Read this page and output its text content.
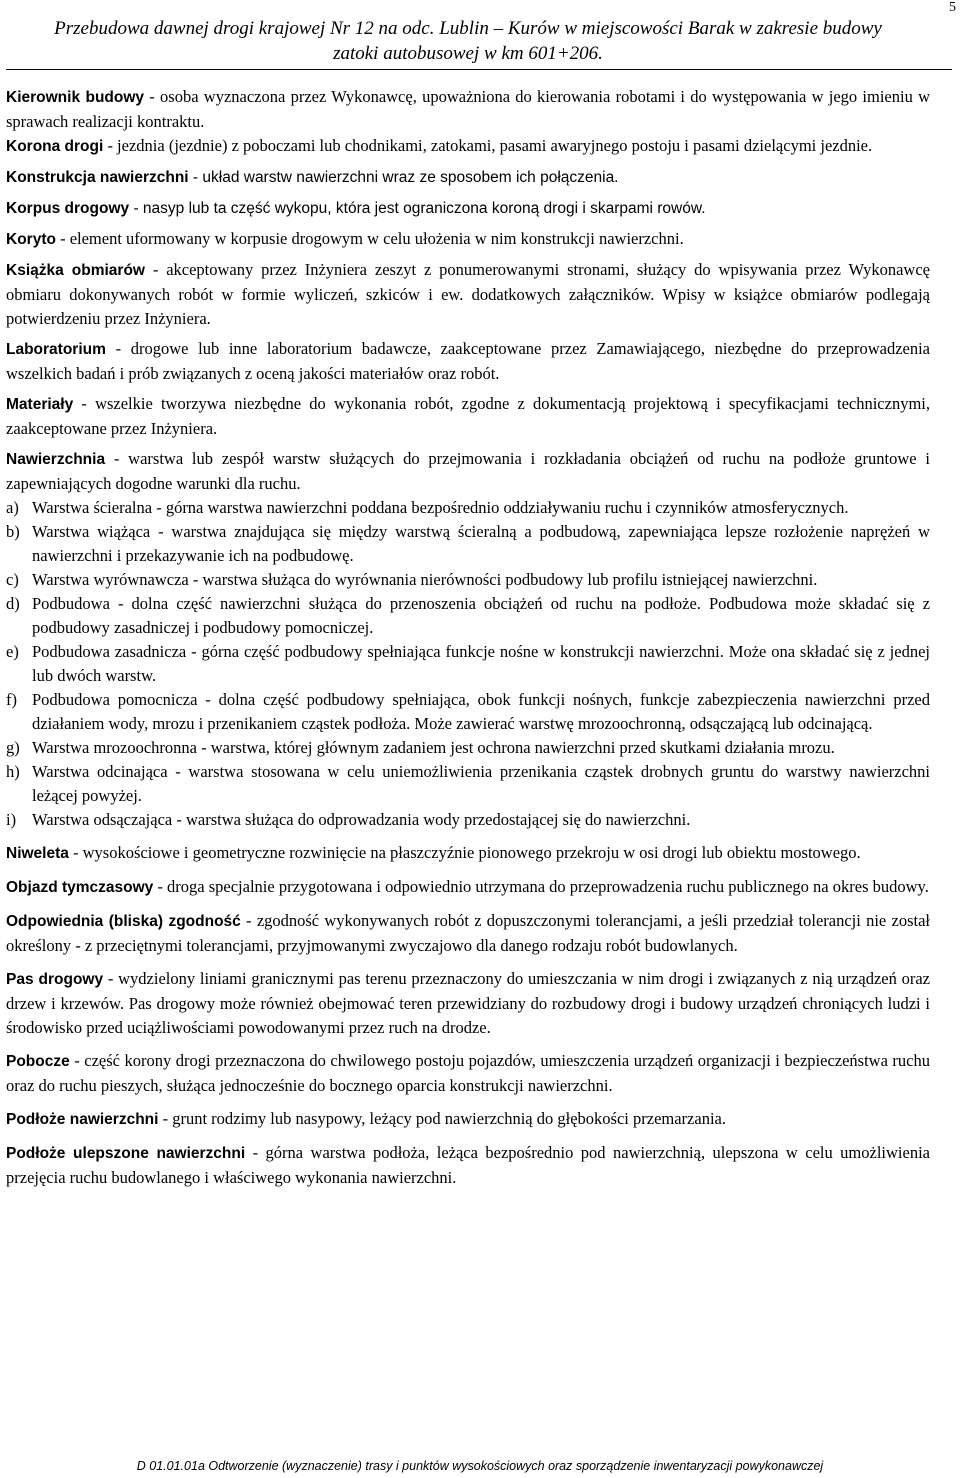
5
Przebudowa dawnej drogi krajowej Nr 12 na odc. Lublin – Kurów w miejscowości Barak w zakresie budowy
zatoki autobusowej w km 601+206.

Kierownik budowy - osoba wyznaczona przez Wykonawcę, upoważniona do kierowania robotami i do występowania w jego imieniu w sprawach realizacji kontraktu.

Korona drogi - jezdnia (jezdnie) z poboczami lub chodnikami, zatokami, pasami awaryjnego postoju i pasami dzielącymi jezdnie.

Konstrukcja nawierzchni - układ warstw nawierzchni wraz ze sposobem ich połączenia.

Korpus drogowy - nasyp lub ta część wykopu, która jest ograniczona koroną drogi i skarpami rowów.

Koryto - element uformowany w korpusie drogowym w celu ułożenia w nim konstrukcji nawierzchni.

Książka obmiarów - akceptowany przez Inżyniera zeszyt z ponumerowanymi stronami, służący do wpisywania przez Wykonawcę obmiaru dokonywanych robót w formie wyliczeń, szkiców i ew. dodatkowych załączników. Wpisy w książce obmiarów podlegają potwierdzeniu przez Inżyniera.

Laboratorium - drogowe lub inne laboratorium badawcze, zaakceptowane przez Zamawiającego, niezbędne do przeprowadzenia wszelkich badań i prób związanych z oceną jakości materiałów oraz robót.

Materiały - wszelkie tworzywa niezbędne do wykonania robót, zgodne z dokumentacją projektową i specyfikacjami technicznymi, zaakceptowane przez Inżyniera.

Nawierzchnia - warstwa lub zespół warstw służących do przejmowania i rozkładania obciążeń od ruchu na podłoże gruntowe i zapewniających dogodne warunki dla ruchu.

a) Warstwa ścieralna - górna warstwa nawierzchni poddana bezpośrednio oddziaływaniu ruchu i czynników atmosferycznych.
b) Warstwa wiążąca - warstwa znajdująca się między warstwą ścieralną a podbudową, zapewniająca lepsze rozłożenie naprężeń w nawierzchni i przekazywanie ich na podbudowę.
c) Warstwa wyrównawcza - warstwa służąca do wyrównania nierówności podbudowy lub profilu istniejącej nawierzchni.
d) Podbudowa - dolna część nawierzchni służąca do przenoszenia obciążeń od ruchu na podłoże. Podbudowa może składać się z podbudowy zasadniczej i podbudowy pomocniczej.
e) Podbudowa zasadnicza - górna część podbudowy spełniająca funkcje nośne w konstrukcji nawierzchni. Może ona składać się z jednej lub dwóch warstw.
f) Podbudowa pomocnicza - dolna część podbudowy spełniająca, obok funkcji nośnych, funkcje zabezpieczenia nawierzchni przed działaniem wody, mrozu i przenikaniem cząstek podłoża. Może zawierać warstwę mrozoochronną, odsączającą lub odcinającą.
g) Warstwa mrozoochronna - warstwa, której głównym zadaniem jest ochrona nawierzchni przed skutkami działania mrozu.
h) Warstwa odcinająca - warstwa stosowana w celu uniemożliwienia przenikania cząstek drobnych gruntu do warstwy nawierzchni leżącej powyżej.
i) Warstwa odsączająca - warstwa służąca do odprowadzania wody przedostającej się do nawierzchni.

Niweleta - wysokościowe i geometryczne rozwinięcie na płaszczyźnie pionowego przekroju w osi drogi lub obiektu mostowego.

Objazd tymczasowy - droga specjalnie przygotowana i odpowiednio utrzymana do przeprowadzenia ruchu publicznego na okres budowy.

Odpowiednia (bliska) zgodność - zgodność wykonywanych robót z dopuszczonymi tolerancjami, a jeśli przedział tolerancji nie został określony - z przeciętnymi tolerancjami, przyjmowanymi zwyczajowo dla danego rodzaju robót budowlanych.

Pas drogowy - wydzielony liniami granicznymi pas terenu przeznaczony do umieszczania w nim drogi i związanych z nią urządzeń oraz drzew i krzewów. Pas drogowy może również obejmować teren przewidziany do rozbudowy drogi i budowy urządzeń chroniących ludzi i środowisko przed uciążliwościami powodowanymi przez ruch na drodze.

Pobocze - część korony drogi przeznaczona do chwilowego postoju pojazdów, umieszczenia urządzeń organizacji i bezpieczeństwa ruchu oraz do ruchu pieszych, służąca jednocześnie do bocznego oparcia konstrukcji nawierzchni.

Podłoże nawierzchni - grunt rodzimy lub nasypowy, leżący pod nawierzchnią do głębokości przemarzania.

Podłoże ulepszone nawierzchni - górna warstwa podłoża, leżąca bezpośrednio pod nawierzchnią, ulepszona w celu umożliwienia przejęcia ruchu budowlanego i właściwego wykonania nawierzchni.

D 01.01.01a Odtworzenie (wyznaczenie) trasy i punktów wysokościowych oraz sporządzenie inwentaryzacji powykonawczej
